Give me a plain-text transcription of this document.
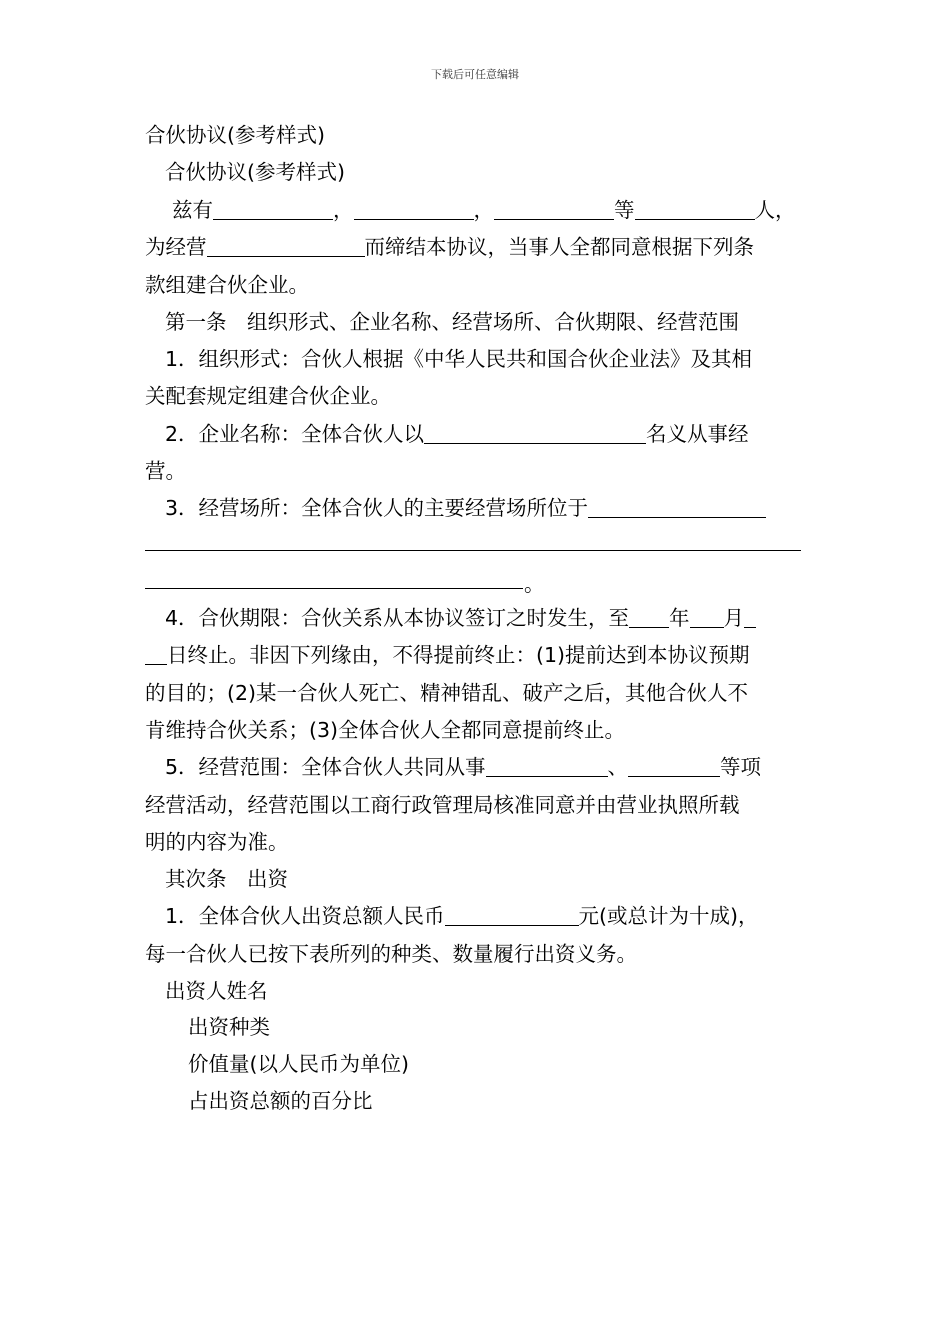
下载后可任意编辑
合伙协议(参考样式)
合伙协议(参考样式)
兹有	，	，	等	人，
为经营	而缔结本协议，当事人全都同意根据下列条
款组建合伙企业。
第一条　组织形式、企业名称、经营场所、合伙期限、经营范围
1．组织形式：合伙人根据《中华人民共和国合伙企业法》及其相
关配套规定组建合伙企业。
2．企业名称：全体合伙人以	名义从事经
营。
3．经营场所：全体合伙人的主要经营场所位于
。
4．合伙期限：合伙关系从本协议签订之时发生，至 年 月
日终止。非因下列缘由，不得提前终止：(1)提前达到本协议预期
的目的；(2)某一合伙人死亡、精神错乱、破产之后，其他合伙人不
肯维持合伙关系；(3)全体合伙人全都同意提前终止。
5．经营范围：全体合伙人共同从事	、	等项
经营活动，经营范围以工商行政管理局核准同意并由营业执照所载
明的内容为准。
其次条　出资
1．全体合伙人出资总额人民币	元(或总计为十成)，
每一合伙人已按下表所列的种类、数量履行出资义务。
出资人姓名
出资种类
价值量(以人民币为单位)
占出资总额的百分比
